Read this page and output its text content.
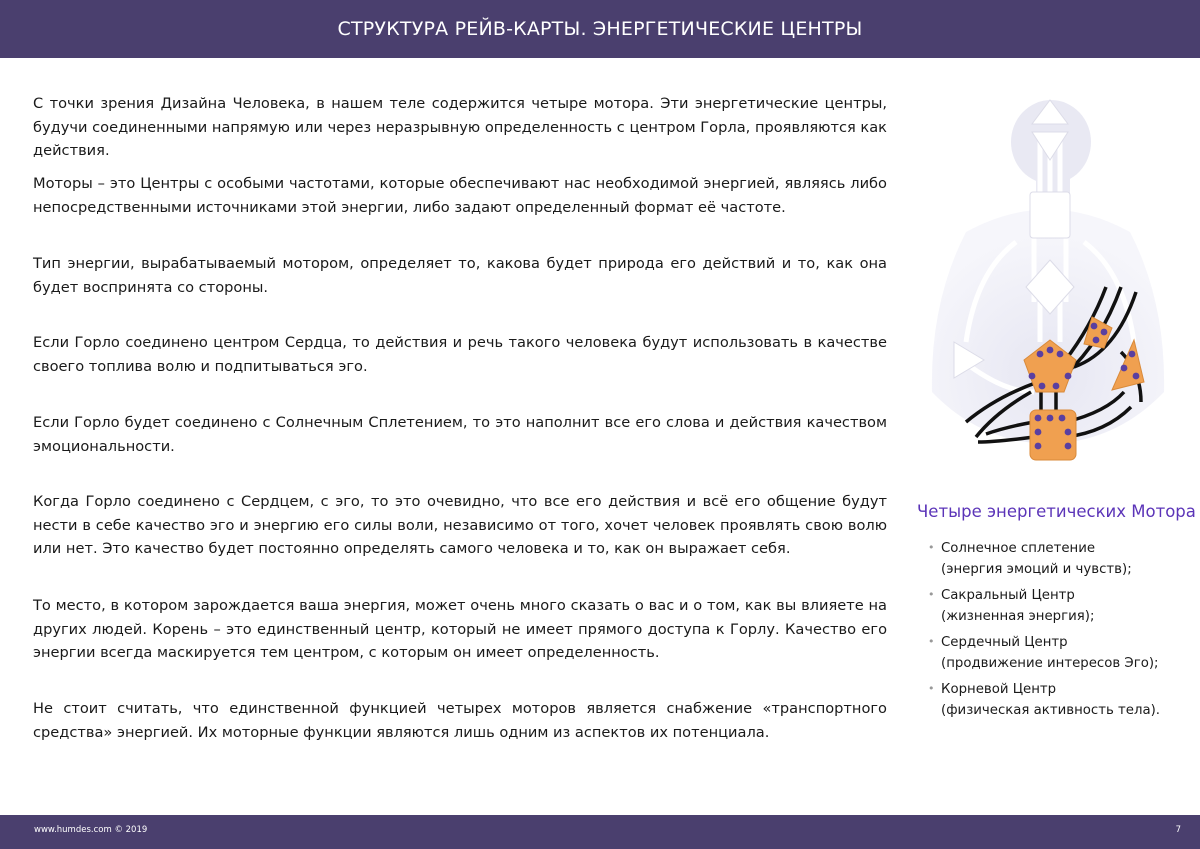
СТРУКТУРА РЕЙВ-КАРТЫ. ЭНЕРГЕТИЧЕСКИЕ ЦЕНТРЫ

С точки зрения Дизайна Человека, в нашем теле содержится четыре мотора. Эти энергетические центры, будучи соединенными напрямую или через неразрывную определенность с центром Горла, проявляются как действия.

Моторы – это Центры с особыми частотами, которые обеспечивают нас необходимой энергией, являясь либо непосредственными источниками этой энергии, либо задают определенный формат её частоте.

Тип энергии, вырабатываемый мотором, определяет то, какова будет природа его действий и то, как она будет воспринята со стороны.

Если Горло соединено центром Сердца, то действия и речь такого человека будут использовать в качестве своего топлива волю и подпитываться эго.

Если Горло будет соединено с Солнечным Сплетением, то это наполнит все его слова и действия качеством эмоциональности.

Когда Горло соединено с Сердцем, с эго, то это очевидно, что все его действия и всё его общение будут нести в себе качество эго и энергию его силы воли, независимо от того, хочет человек проявлять свою волю или нет. Это качество будет постоянно определять самого человека и то, как он выражает себя.

То место, в котором зарождается ваша энергия, может очень много сказать о вас и о том, как вы влияете на других людей. Корень – это единственный центр, который не имеет прямого доступа к Горлу. Качество его энергии всегда маскируется тем центром, с которым он имеет определенность.

Не стоит считать, что единственной функцией четырех моторов является снабжение «транспортного средства» энергией. Их моторные функции являются лишь одним из аспектов их потенциала.

Четыре энергетических Мотора
• Солнечное сплетение
(энергия эмоций и чувств);
• Сакральный Центр
(жизненная энергия);
• Сердечный Центр
(продвижение интересов Эго);
• Корневой Центр
(физическая активность тела).
www.humdes.com © 2019	7
